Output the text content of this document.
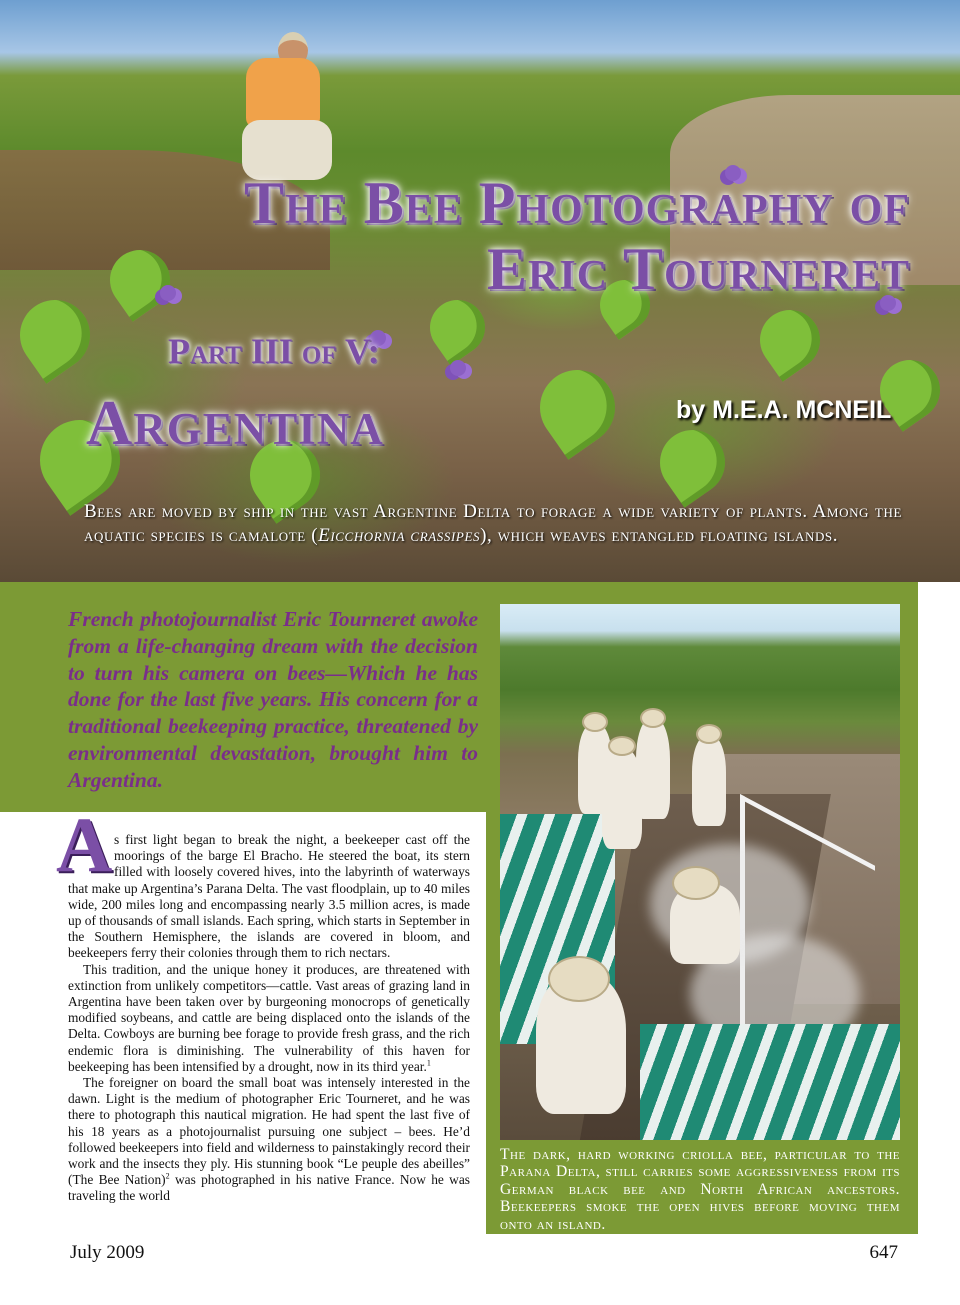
The Bee Photography of
Eric Tourneret

Part III of V:

Argentina	by M.E.A. MCNEIL

Bees are moved by ship in the vast Argentine Delta to forage a wide variety of plants. Among the aquatic species is camalote (Eicchornia crassipes), which weaves entangled floating islands.

French photojournalist Eric Tourneret awoke from a life-changing dream with the decision to turn his camera on bees—Which he has done for the last five years. His concern for a traditional beekeeping practice, threatened by environmental devastation, brought him to Argentina.

The dark, hard working criolla bee, particular to the Parana Delta, still carries some aggressiveness from its German black bee and North African ancestors. Beekeepers smoke the open hives before moving them onto an island.

A s first light began to break the night, a beekeeper cast off the moorings of the barge El Bracho. He steered the boat, its stern filled with loosely covered hives, into the labyrinth of waterways that make up Argentina’s Parana Delta. The vast floodplain, up to 40 miles wide, 200 miles long and encompassing nearly 3.5 million acres, is made up of thousands of small islands. Each spring, which starts in September in the Southern Hemisphere, the islands are covered in bloom, and beekeepers ferry their colonies through them to rich nectars.

This tradition, and the unique honey it produces, are threatened with extinction from unlikely competitors—cattle. Vast areas of grazing land in Argentina have been taken over by burgeoning monocrops of genetically modified soybeans, and cattle are being displaced onto the islands of the Delta. Cowboys are burning bee forage to provide fresh grass, and the rich endemic flora is diminishing. The vulnerability of this haven for beekeeping has been intensified by a drought, now in its third year.$^1$

The foreigner on board the small boat was intensely interested in the dawn. Light is the medium of photographer Eric Tourneret, and he was there to photograph this nautical migration. He had spent the last five of his 18 years as a photojournalist pursuing one subject – bees. He’d followed beekeepers into field and wilderness to painstakingly record their work and the insects they ply. His stunning book “Le peuple des abeilles” (The Bee Nation)$^2$ was photographed in his native France. Now he was traveling the world

July 2009	647
